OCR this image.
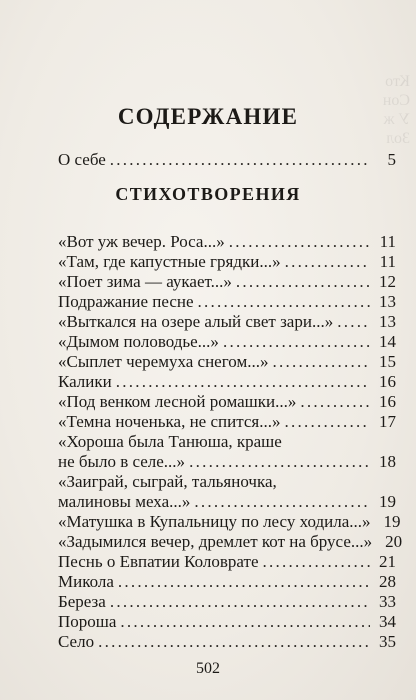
Кто
Сон
У ж
Зол
СОДЕРЖАНИЕ
О себе . . .	5
СТИХОТВОРЕНИЯ
«Вот уж вечер. Роса...» . . .	11
«Там, где капустные грядки...» . . .	11
«Поет зима — аукает...» . . .	12
Подражание песне . . .	13
«Выткался на озере алый свет зари...» . . .	13
«Дымом половодье...» . . .	14
«Сыплет черемуха снегом...» . . .	15
Калики . . .	16
«Под венком лесной ромашки...» . . .	16
«Темна ноченька, не спится...» . . .	17
«Хороша была Танюша, краше
не было в селе...» . . .	18
«Заиграй, сыграй, тальяночка,
малиновы меха...» . . .	19
«Матушка в Купальницу по лесу ходила...» 19
«Задымился вечер, дремлет кот на брусе...» 20
Песнь о Евпатии Коловрате . . .	21
Микола . . .	28
Береза . . .	33
Пороша . . .	34
Село . . .	35
502
